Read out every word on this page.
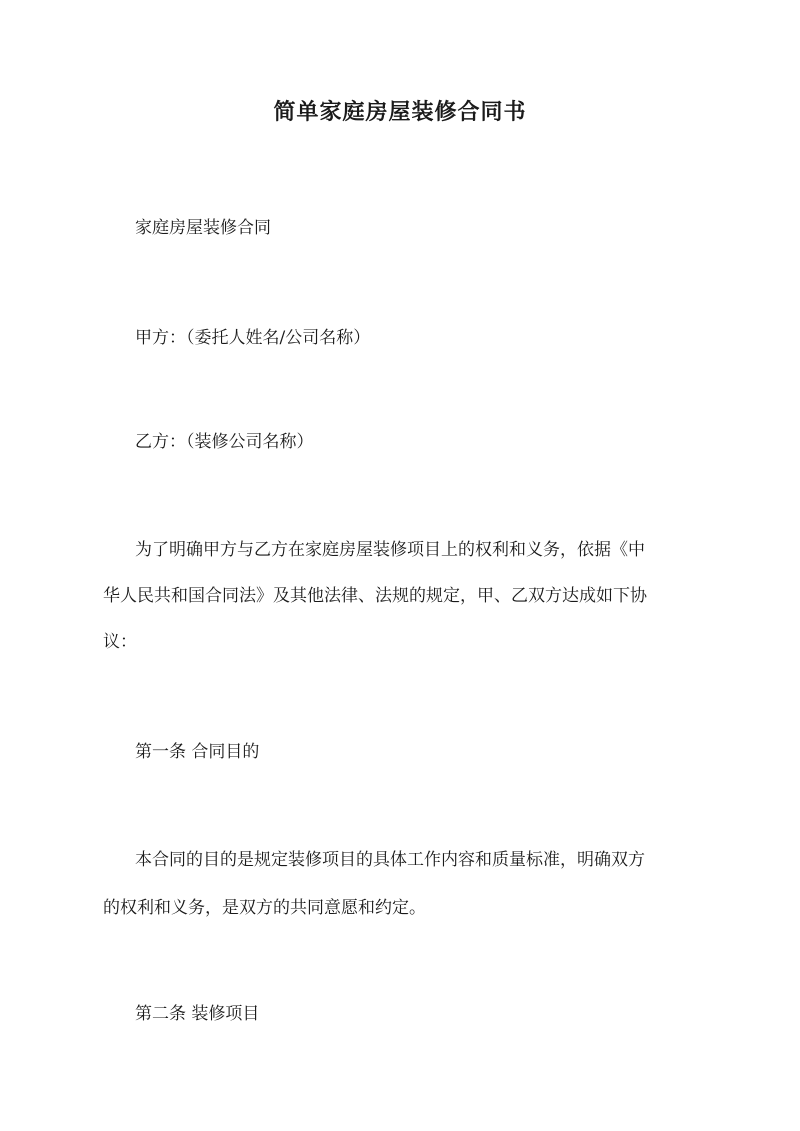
简单家庭房屋装修合同书
家庭房屋装修合同
甲方：（委托人姓名/公司名称）
乙方：（装修公司名称）
为了明确甲方与乙方在家庭房屋装修项目上的权利和义务，依据《中
华人民共和国合同法》及其他法律、法规的规定，甲、乙双方达成如下协
议：
第一条 合同目的
本合同的目的是规定装修项目的具体工作内容和质量标准，明确双方
的权利和义务，是双方的共同意愿和约定。
第二条 装修项目
